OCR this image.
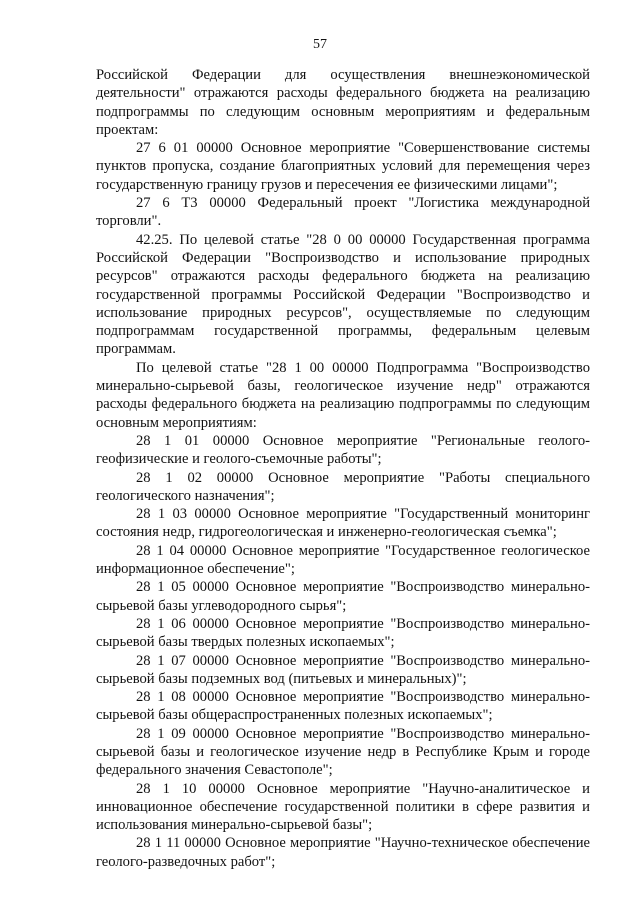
57

Российской Федерации для осуществления внешнеэкономической деятельности" отражаются расходы федерального бюджета на реализацию подпрограммы по следующим основным мероприятиям и федеральным проектам:

27 6 01 00000 Основное мероприятие "Совершенствование системы пунктов пропуска, создание благоприятных условий для перемещения через государственную границу грузов и пересечения ее физическими лицами";

27 6 Т3 00000 Федеральный проект "Логистика международной торговли".

42.25. По целевой статье "28 0 00 00000 Государственная программа Российской Федерации "Воспроизводство и использование природных ресурсов" отражаются расходы федерального бюджета на реализацию государственной программы Российской Федерации "Воспроизводство и использование природных ресурсов", осуществляемые по следующим подпрограммам государственной программы, федеральным целевым программам.

По целевой статье "28 1 00 00000 Подпрограмма "Воспроизводство минерально-сырьевой базы, геологическое изучение недр" отражаются расходы федерального бюджета на реализацию подпрограммы по следующим основным мероприятиям:

28 1 01 00000 Основное мероприятие "Региональные геолого-геофизические и геолого-съемочные работы";

28 1 02 00000 Основное мероприятие "Работы специального геологического назначения";

28 1 03 00000 Основное мероприятие "Государственный мониторинг состояния недр, гидрогеологическая и инженерно-геологическая съемка";

28 1 04 00000 Основное мероприятие "Государственное геологическое информационное обеспечение";

28 1 05 00000 Основное мероприятие "Воспроизводство минерально-сырьевой базы углеводородного сырья";

28 1 06 00000 Основное мероприятие "Воспроизводство минерально-сырьевой базы твердых полезных ископаемых";

28 1 07 00000 Основное мероприятие "Воспроизводство минерально-сырьевой базы подземных вод (питьевых и минеральных)";

28 1 08 00000 Основное мероприятие "Воспроизводство минерально-сырьевой базы общераспространенных полезных ископаемых";

28 1 09 00000 Основное мероприятие "Воспроизводство минерально-сырьевой базы и геологическое изучение недр в Республике Крым и городе федерального значения Севастополе";

28 1 10 00000 Основное мероприятие "Научно-аналитическое и инновационное обеспечение государственной политики в сфере развития и использования минерально-сырьевой базы";

28 1 11 00000 Основное мероприятие "Научно-техническое обеспечение геолого-разведочных работ";
